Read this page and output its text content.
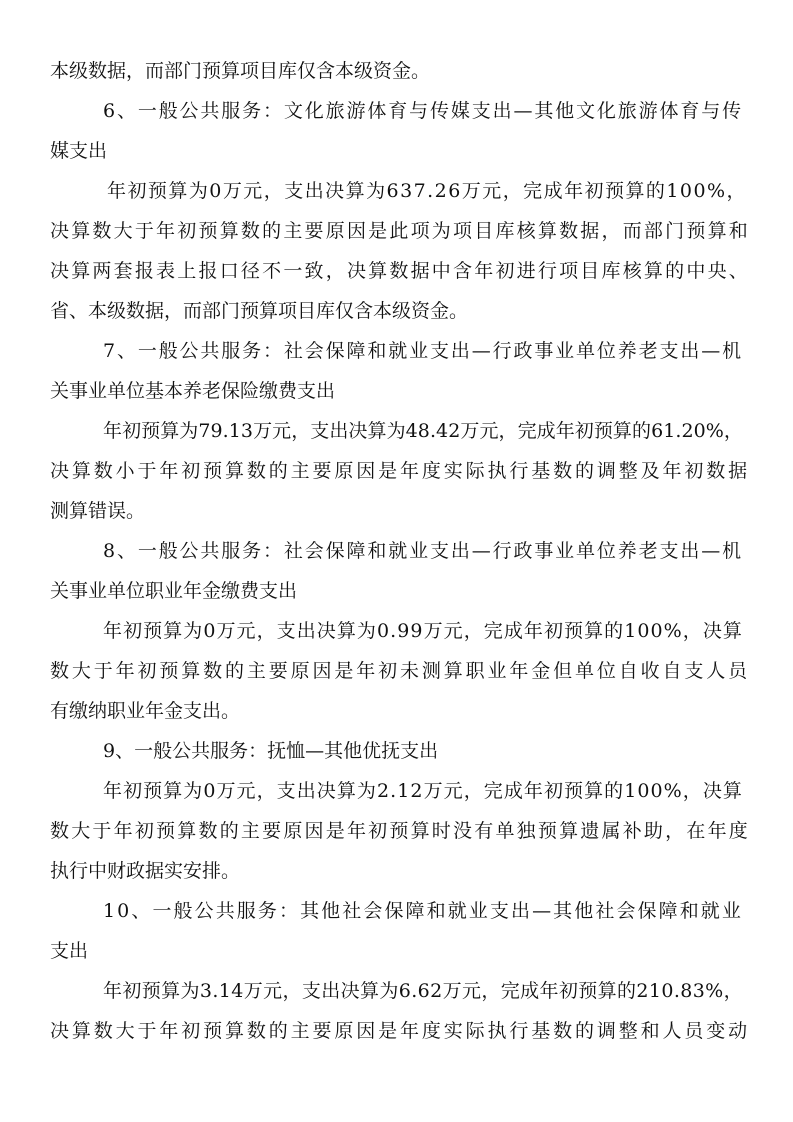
本级数据，而部门预算项目库仅含本级资金。
6、一般公共服务：文化旅游体育与传媒支出—其他文化旅游体育与传
媒支出
年初预算为0万元，支出决算为637.26万元，完成年初预算的100%，
决算数大于年初预算数的主要原因是此项为项目库核算数据，而部门预算和
决算两套报表上报口径不一致，决算数据中含年初进行项目库核算的中央、
省、本级数据，而部门预算项目库仅含本级资金。
7、一般公共服务：社会保障和就业支出—行政事业单位养老支出—机
关事业单位基本养老保险缴费支出
年初预算为79.13万元，支出决算为48.42万元，完成年初预算的61.20%，
决算数小于年初预算数的主要原因是年度实际执行基数的调整及年初数据
测算错误。
8、一般公共服务：社会保障和就业支出—行政事业单位养老支出—机
关事业单位职业年金缴费支出
年初预算为0万元，支出决算为0.99万元，完成年初预算的100%，决算
数大于年初预算数的主要原因是年初未测算职业年金但单位自收自支人员
有缴纳职业年金支出。
9、一般公共服务：抚恤—其他优抚支出
年初预算为0万元，支出决算为2.12万元，完成年初预算的100%，决算
数大于年初预算数的主要原因是年初预算时没有单独预算遗属补助，在年度
执行中财政据实安排。
10、一般公共服务：其他社会保障和就业支出—其他社会保障和就业
支出
年初预算为3.14万元，支出决算为6.62万元，完成年初预算的210.83%，
决算数大于年初预算数的主要原因是年度实际执行基数的调整和人员变动
